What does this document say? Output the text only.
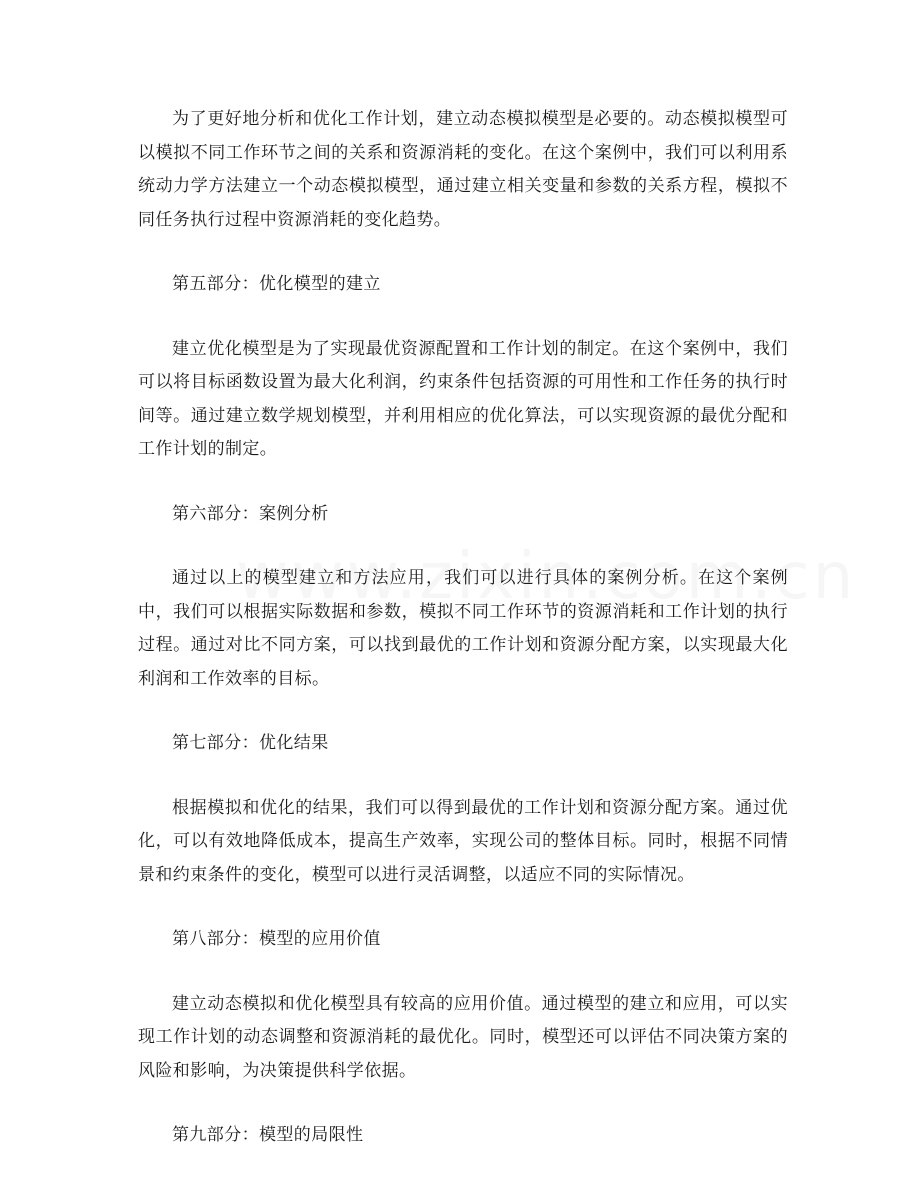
为了更好地分析和优化工作计划，建立动态模拟模型是必要的。动态模拟模型可以模拟不同工作环节之间的关系和资源消耗的变化。在这个案例中，我们可以利用系统动力学方法建立一个动态模拟模型，通过建立相关变量和参数的关系方程，模拟不同任务执行过程中资源消耗的变化趋势。

第五部分：优化模型的建立

建立优化模型是为了实现最优资源配置和工作计划的制定。在这个案例中，我们可以将目标函数设置为最大化利润，约束条件包括资源的可用性和工作任务的执行时间等。通过建立数学规划模型，并利用相应的优化算法，可以实现资源的最优分配和工作计划的制定。

第六部分：案例分析

通过以上的模型建立和方法应用，我们可以进行具体的案例分析。在这个案例中，我们可以根据实际数据和参数，模拟不同工作环节的资源消耗和工作计划的执行过程。通过对比不同方案，可以找到最优的工作计划和资源分配方案，以实现最大化利润和工作效率的目标。

第七部分：优化结果

根据模拟和优化的结果，我们可以得到最优的工作计划和资源分配方案。通过优化，可以有效地降低成本，提高生产效率，实现公司的整体目标。同时，根据不同情景和约束条件的变化，模型可以进行灵活调整，以适应不同的实际情况。

第八部分：模型的应用价值

建立动态模拟和优化模型具有较高的应用价值。通过模型的建立和应用，可以实现工作计划的动态调整和资源消耗的最优化。同时，模型还可以评估不同决策方案的风险和影响，为决策提供科学依据。

第九部分：模型的局限性
